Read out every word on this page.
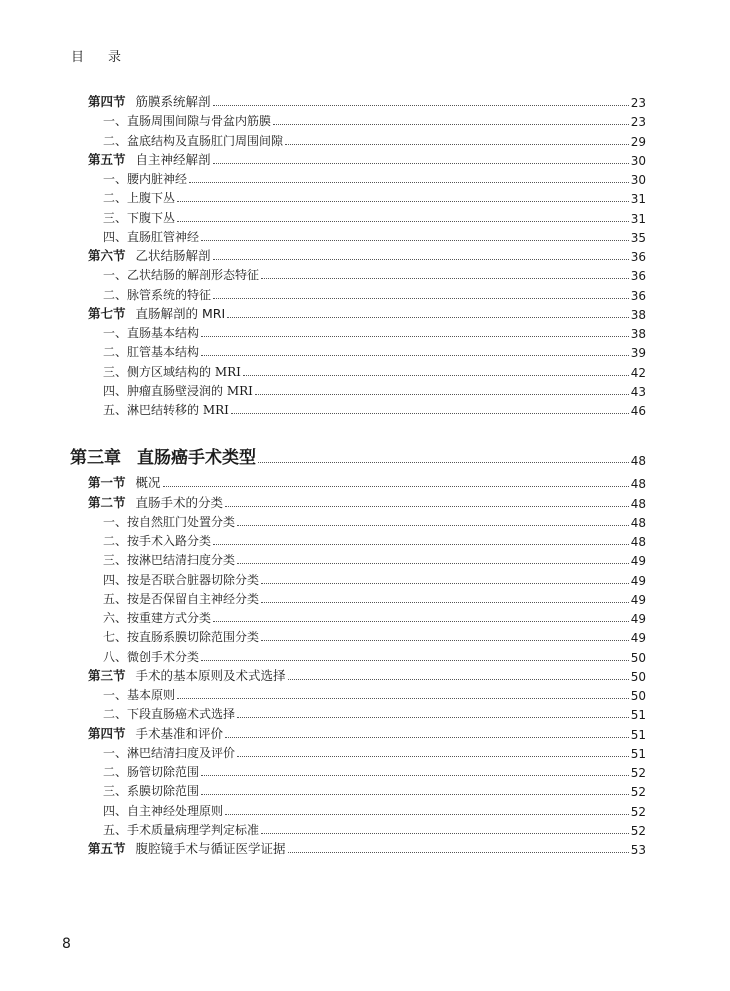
目 录
第四节 筋膜系统解剖	23
一、直肠周围间隙与骨盆内筋膜	23
二、盆底结构及直肠肛门周围间隙	29
第五节 自主神经解剖	30
一、腰内脏神经	30
二、上腹下丛	31
三、下腹下丛	31
四、直肠肛管神经	35
第六节 乙状结肠解剖	36
一、乙状结肠的解剖形态特征	36
二、脉管系统的特征	36
第七节 直肠解剖的 MRI	38
一、直肠基本结构	38
二、肛管基本结构	39
三、侧方区域结构的 MRI	42
四、肿瘤直肠壁浸润的 MRI	43
五、淋巴结转移的 MRI	46
第三章 直肠癌手术类型	48
第一节 概况	48
第二节 直肠手术的分类	48
一、按自然肛门处置分类	48
二、按手术入路分类	48
三、按淋巴结清扫度分类	49
四、按是否联合脏器切除分类	49
五、按是否保留自主神经分类	49
六、按重建方式分类	49
七、按直肠系膜切除范围分类	49
八、微创手术分类	50
第三节 手术的基本原则及术式选择	50
一、基本原则	50
二、下段直肠癌术式选择	51
第四节 手术基准和评价	51
一、淋巴结清扫度及评价	51
二、肠管切除范围	52
三、系膜切除范围	52
四、自主神经处理原则	52
五、手术质量病理学判定标准	52
第五节 腹腔镜手术与循证医学证据	53
8
